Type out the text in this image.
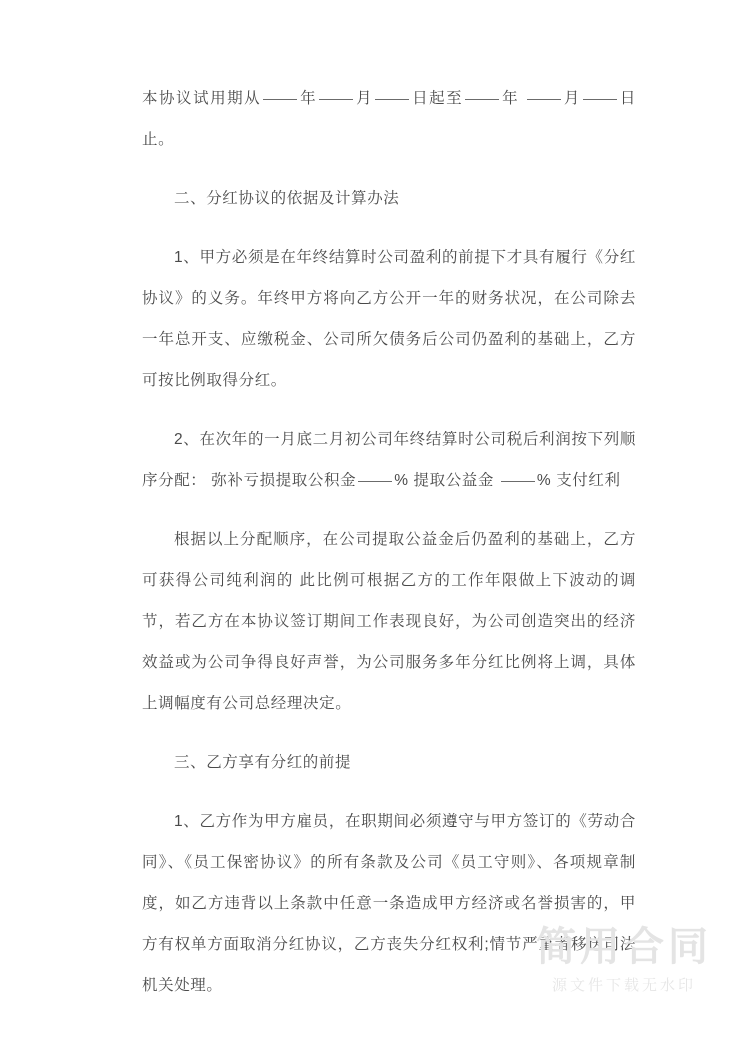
本协议试用期从 年 月 日起至 年 月 日止。

二、分红协议的依据及计算办法

1、甲方必须是在年终结算时公司盈利的前提下才具有履行《分红协议》的义务。年终甲方将向乙方公开一年的财务状况，在公司除去一年总开支、应缴税金、公司所欠债务后公司仍盈利的基础上，乙方可按比例取得分红。

2、在次年的一月底二月初公司年终结算时公司税后利润按下列顺序分配： 弥补亏损提取公积金 % 提取公益金 % 支付红利

根据以上分配顺序，在公司提取公益金后仍盈利的基础上，乙方可获得公司纯利润的 此比例可根据乙方的工作年限做上下波动的调节，若乙方在本协议签订期间工作表现良好，为公司创造突出的经济效益或为公司争得良好声誉，为公司服务多年分红比例将上调，具体上调幅度有公司总经理决定。

三、乙方享有分红的前提

1、乙方作为甲方雇员，在职期间必须遵守与甲方签订的《劳动合同》、《员工保密协议》的所有条款及公司《员工守则》、各项规章制度，如乙方违背以上条款中任意一条造成甲方经济或名誉损害的，甲方有权单方面取消分红协议，乙方丧失分红权利;情节严重者移送司法机关处理。

简用合同
源文件下载无水印
